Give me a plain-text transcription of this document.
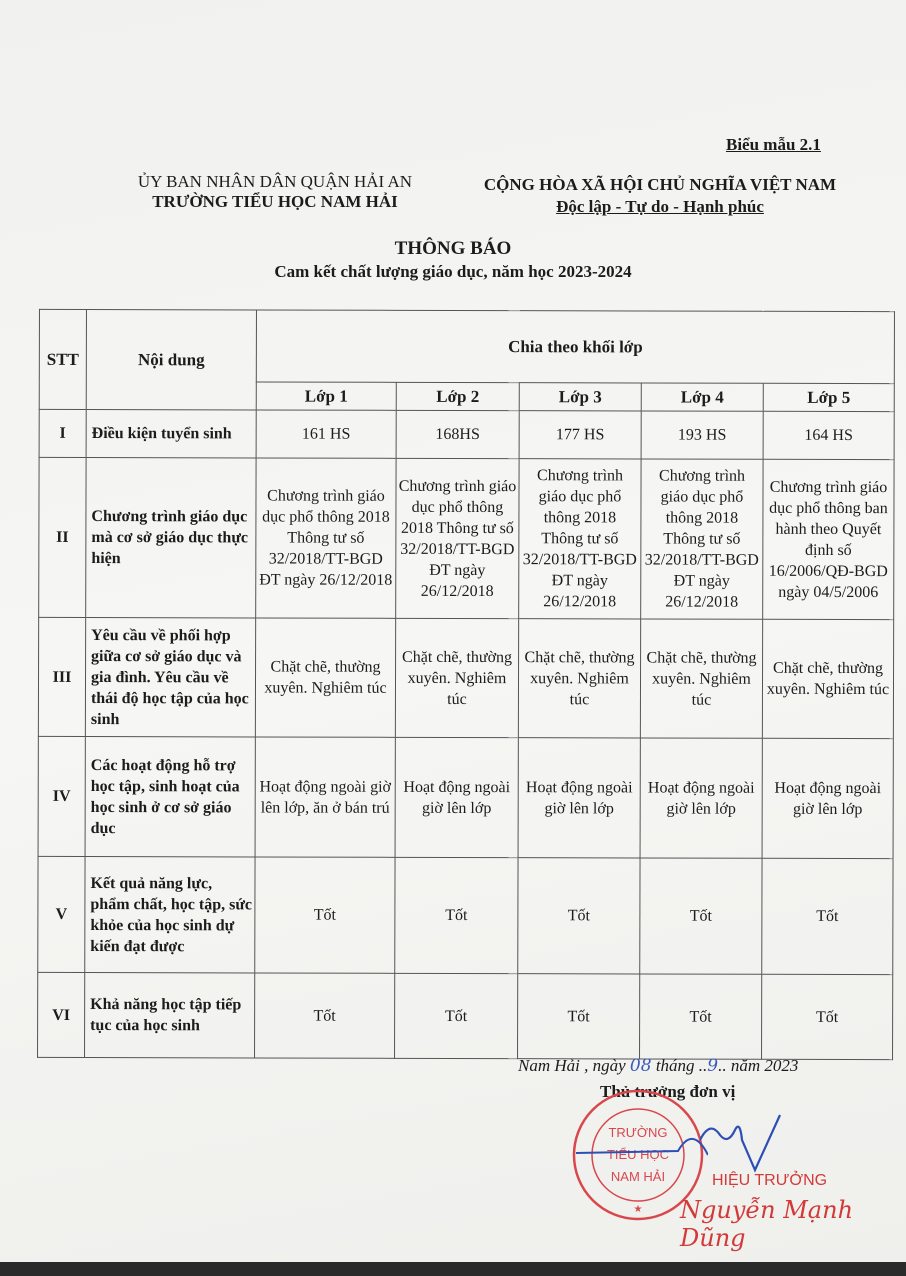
Biểu mẫu 2.1
ỦY BAN NHÂN DÂN QUẬN HẢI AN
TRƯỜNG TIỂU HỌC NAM HẢI
CỘNG HÒA XÃ HỘI CHỦ NGHĨA VIỆT NAM
Độc lập - Tự do - Hạnh phúc
THÔNG BÁO
Cam kết chất lượng giáo dục, năm học 2023-2024
STT	Nội dung	Chia theo khối lớp				
		Lớp 1	Lớp 2	Lớp 3	Lớp 4	Lớp 5
I	Điều kiện tuyển sinh	161 HS	168HS	177 HS	193 HS	164 HS
II	Chương trình giáo dục mà cơ sở giáo dục thực hiện	Chương trình giáo dục phổ thông 2018 Thông tư số 32/2018/TT-BGD ĐT ngày 26/12/2018	Chương trình giáo dục phổ thông 2018 Thông tư số 32/2018/TT-BGD ĐT ngày 26/12/2018	Chương trình giáo dục phổ thông 2018 Thông tư số 32/2018/TT-BGD ĐT ngày 26/12/2018	Chương trình giáo dục phổ thông 2018 Thông tư số 32/2018/TT-BGD ĐT ngày 26/12/2018	Chương trình giáo dục phổ thông ban hành theo Quyết định số 16/2006/QĐ-BGD ngày 04/5/2006
III	Yêu cầu về phối hợp giữa cơ sở giáo dục và gia đình. Yêu cầu về thái độ học tập của học sinh	Chặt chẽ, thường xuyên. Nghiêm túc	Chặt chẽ, thường xuyên. Nghiêm túc	Chặt chẽ, thường xuyên. Nghiêm túc	Chặt chẽ, thường xuyên. Nghiêm túc	Chặt chẽ, thường xuyên. Nghiêm túc
IV	Các hoạt động hỗ trợ học tập, sinh hoạt của học sinh ở cơ sở giáo dục	Hoạt động ngoài giờ lên lớp, ăn ở bán trú	Hoạt động ngoài giờ lên lớp	Hoạt động ngoài giờ lên lớp	Hoạt động ngoài giờ lên lớp	Hoạt động ngoài giờ lên lớp
V	Kết quả năng lực, phẩm chất, học tập, sức khỏe của học sinh dự kiến đạt được	Tốt	Tốt	Tốt	Tốt	Tốt
VI	Khả năng học tập tiếp tục của học sinh	Tốt	Tốt	Tốt	Tốt	Tốt
Nam Hải , ngày 08 tháng ..9.. năm 2023
Thủ trưởng đơn vị
TRƯỜNG
TIỂU HỌC
NAM HẢI
★
HIỆU TRƯỞNG
Nguyễn Mạnh Dũng
